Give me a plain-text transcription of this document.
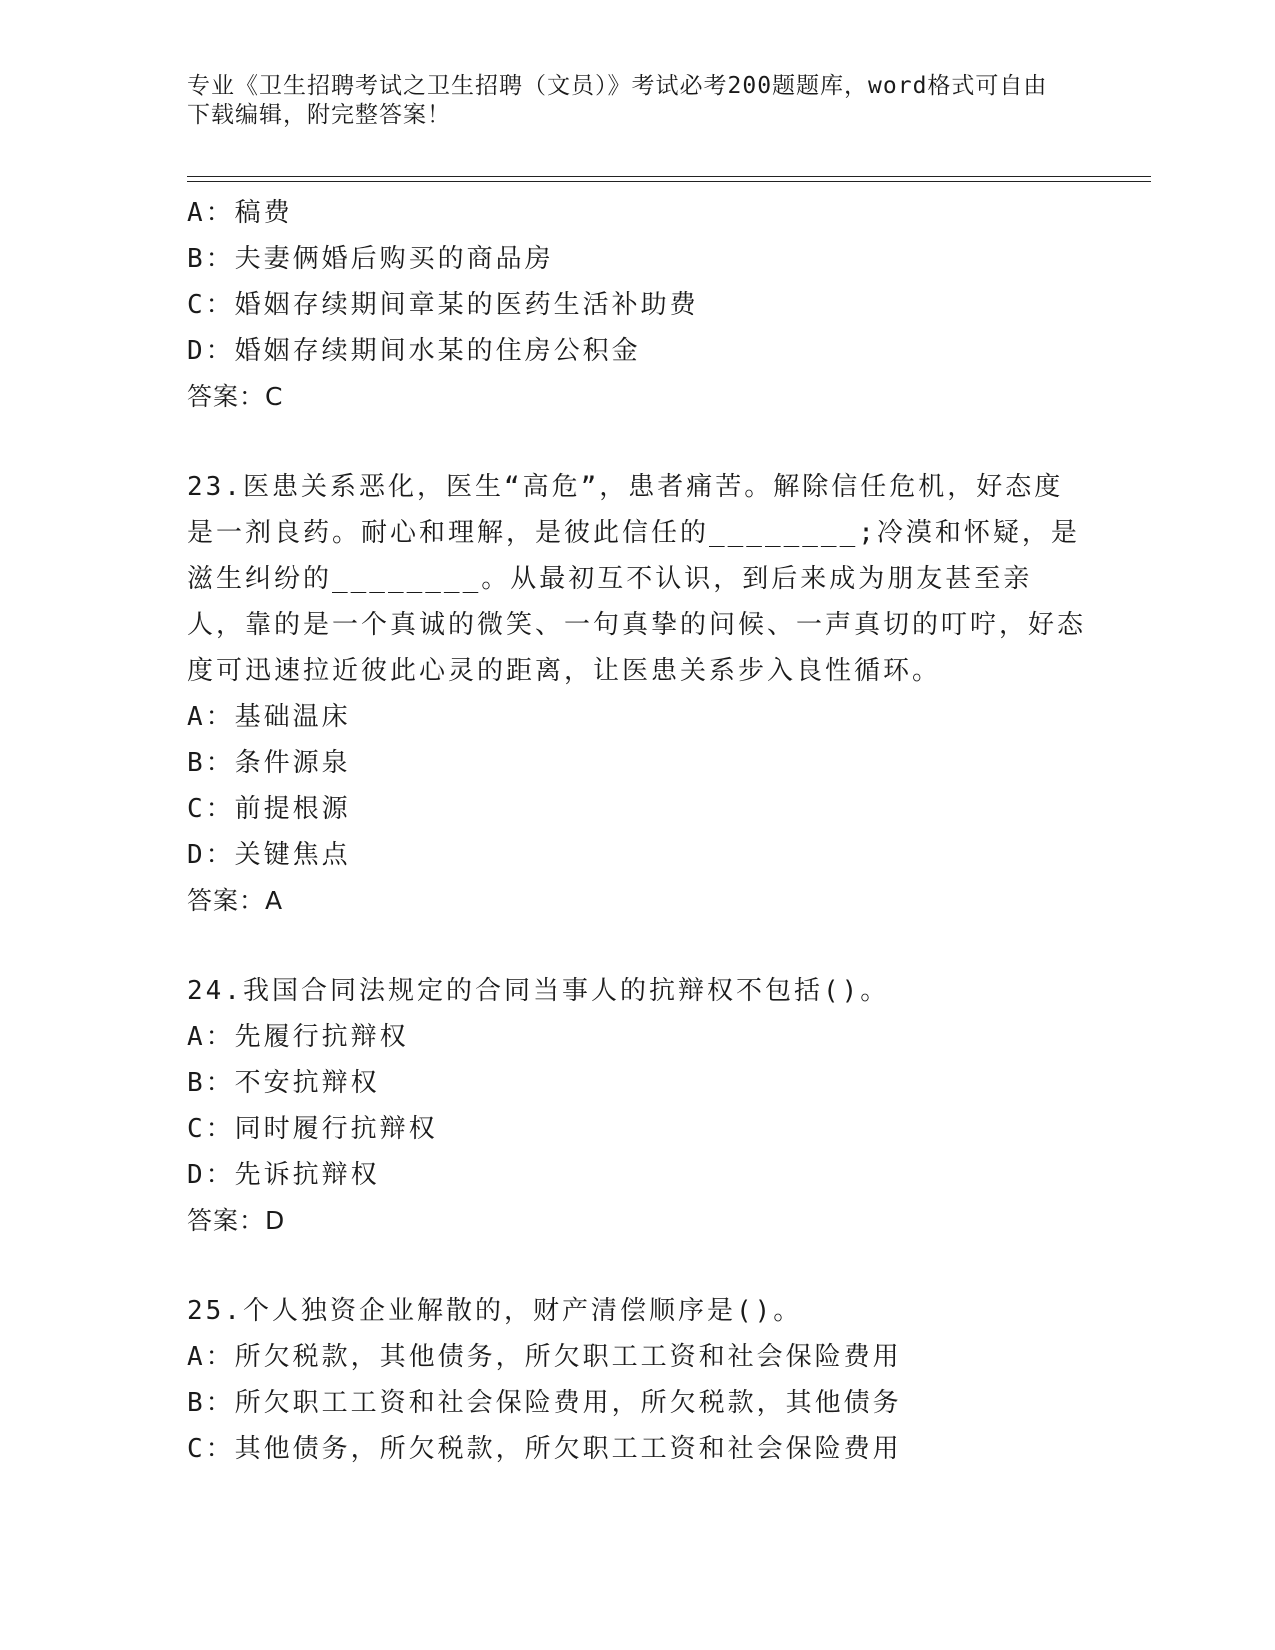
专业《卫生招聘考试之卫生招聘（文员）》考试必考200题题库，word格式可自由下载编辑，附完整答案！
A：稿费
B：夫妻俩婚后购买的商品房
C：婚姻存续期间章某的医药生活补助费
D：婚姻存续期间水某的住房公积金
答案：C
23.医患关系恶化，医生“高危”，患者痛苦。解除信任危机，好态度是一剂良药。耐心和理解，是彼此信任的________;冷漠和怀疑，是滋生纠纷的________。从最初互不认识，到后来成为朋友甚至亲人，靠的是一个真诚的微笑、一句真挚的问候、一声真切的叮咛，好态度可迅速拉近彼此心灵的距离，让医患关系步入良性循环。
A：基础温床
B：条件源泉
C：前提根源
D：关键焦点
答案：A
24.我国合同法规定的合同当事人的抗辩权不包括()。
A：先履行抗辩权
B：不安抗辩权
C：同时履行抗辩权
D：先诉抗辩权
答案：D
25.个人独资企业解散的，财产清偿顺序是()。
A：所欠税款，其他债务，所欠职工工资和社会保险费用
B：所欠职工工资和社会保险费用，所欠税款，其他债务
C：其他债务，所欠税款，所欠职工工资和社会保险费用
